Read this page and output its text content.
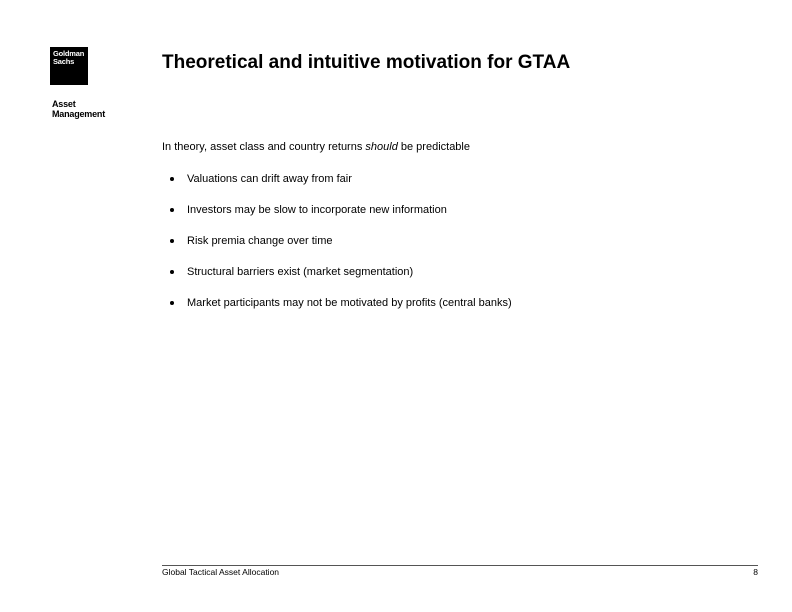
Goldman
Sachs
Asset
Management
Theoretical and intuitive motivation for GTAA
In theory, asset class and country returns should be predictable
Valuations can drift away from fair
Investors may be slow to incorporate new information
Risk premia change over time
Structural barriers exist (market segmentation)
Market participants may not be motivated by profits (central banks)
Global Tactical Asset Allocation	8
